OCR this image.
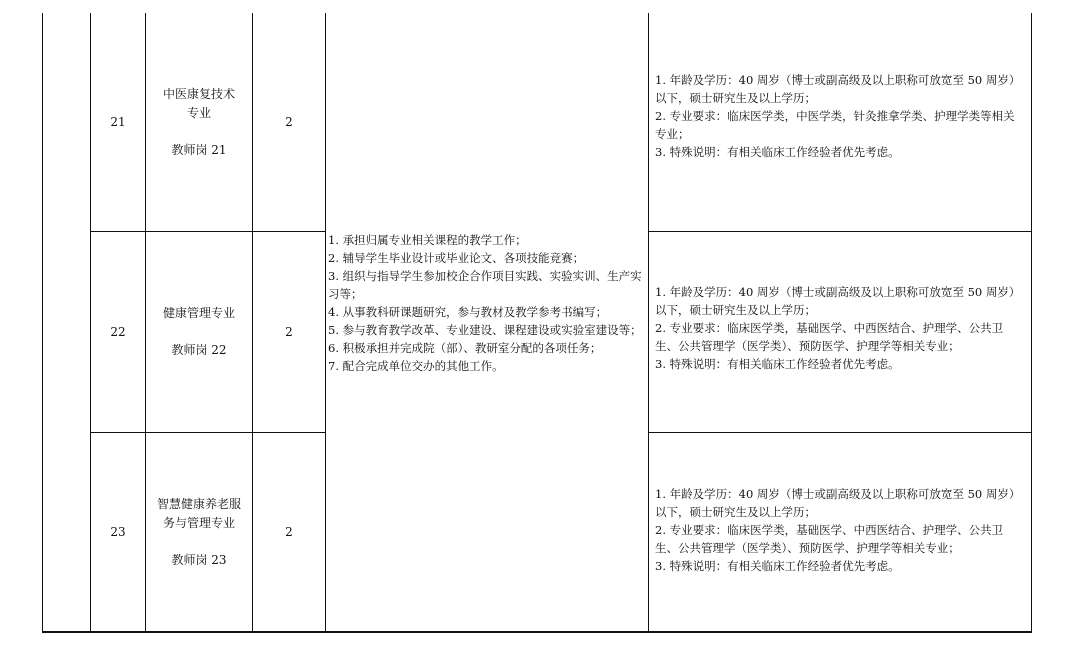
21
中医康复技术
专业
教师岗 21
2

1. 年龄及学历：40 周岁（博士或副高级及以上职称可放宽至 50 周岁）以下，硕士研究生及以上学历；

2. 专业要求：临床医学类，中医学类，针灸推拿学类、护理学类等相关专业；

3. 特殊说明：有相关临床工作经验者优先考虑。

22
健康管理专业
教师岗 22
2

1. 年龄及学历：40 周岁（博士或副高级及以上职称可放宽至 50 周岁）以下，硕士研究生及以上学历；

2. 专业要求：临床医学类，基础医学、中西医结合、护理学、公共卫生、公共管理学（医学类）、预防医学、护理学等相关专业；

3. 特殊说明：有相关临床工作经验者优先考虑。

23
智慧健康养老服
务与管理专业
教师岗 23
2

1. 年龄及学历：40 周岁（博士或副高级及以上职称可放宽至 50 周岁）以下，硕士研究生及以上学历；

2. 专业要求：临床医学类，基础医学、中西医结合、护理学、公共卫生、公共管理学（医学类）、预防医学、护理学等相关专业；

3. 特殊说明：有相关临床工作经验者优先考虑。

1. 承担归属专业相关课程的教学工作；

2. 辅导学生毕业设计或毕业论文、各项技能竞赛；

3. 组织与指导学生参加校企合作项目实践、实验实训、生产实习等；

4. 从事教科研课题研究，参与教材及教学参考书编写；

5. 参与教育教学改革、专业建设、课程建设或实验室建设等；

6. 积极承担并完成院（部）、教研室分配的各项任务；

7. 配合完成单位交办的其他工作。
